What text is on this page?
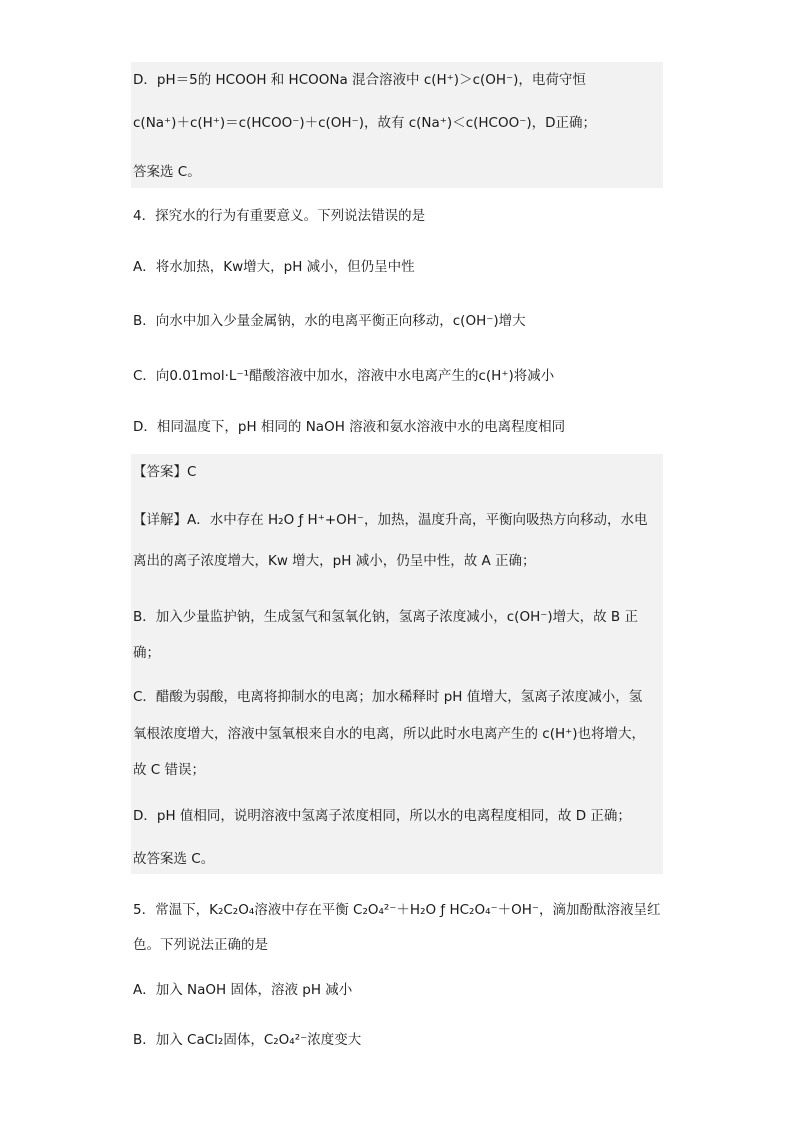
D．pH＝5的 HCOOH 和 HCOONa 混合溶液中 c(H⁺)＞c(OH⁻)，电荷守恒
c(Na⁺)＋c(H⁺)＝c(HCOO⁻)＋c(OH⁻)，故有 c(Na⁺)＜c(HCOO⁻)，D正确；
答案选 C。
4．探究水的行为有重要意义。下列说法错误的是
A．将水加热，Kw增大，pH 减小，但仍呈中性
B．向水中加入少量金属钠，水的电离平衡正向移动，c(OH⁻)增大
C．向0.01mol·L⁻¹醋酸溶液中加水，溶液中水电离产生的c(H⁺)将减小
D．相同温度下，pH 相同的 NaOH 溶液和氨水溶液中水的电离程度相同
【答案】C
【详解】A．水中存在 H₂O ƒ H⁺+OH⁻，加热，温度升高，平衡向吸热方向移动，水电
离出的离子浓度增大，Kw 增大，pH 减小，仍呈中性，故 A 正确；
B．加入少量监护钠，生成氢气和氢氧化钠，氢离子浓度减小，c(OH⁻)增大，故 B 正
确；
C．醋酸为弱酸，电离将抑制水的电离；加水稀释时 pH 值增大，氢离子浓度减小，氢
氧根浓度增大，溶液中氢氧根来自水的电离，所以此时水电离产生的 c(H⁺)也将增大，
故 C 错误；
D．pH 值相同，说明溶液中氢离子浓度相同，所以水的电离程度相同，故 D 正确；
故答案选 C。
5．常温下，K₂C₂O₄溶液中存在平衡 C₂O₄²⁻＋H₂O ƒ HC₂O₄⁻＋OH⁻，滴加酚酞溶液呈红
色。下列说法正确的是
A．加入 NaOH 固体，溶液 pH 减小
B．加入 CaCl₂固体，C₂O₄²⁻浓度变大
